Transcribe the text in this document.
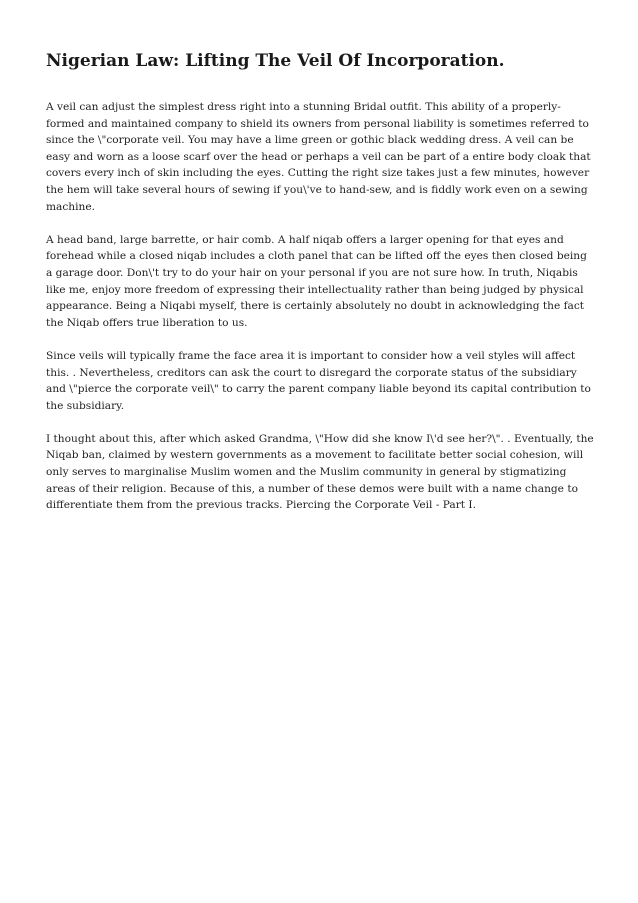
Nigerian Law: Lifting The Veil Of Incorporation.

A veil can adjust the simplest dress right into a stunning Bridal outfit. This ability of a properly-formed and maintained company to shield its owners from personal liability is sometimes referred to since the \"corporate veil. You may have a lime green or gothic black wedding dress. A veil can be easy and worn as a loose scarf over the head or perhaps a veil can be part of a entire body cloak that covers every inch of skin including the eyes. Cutting the right size takes just a few minutes, however the hem will take several hours of sewing if you\'ve to hand-sew, and is fiddly work even on a sewing machine.

A head band, large barrette, or hair comb. A half niqab offers a larger opening for that eyes and forehead while a closed niqab includes a cloth panel that can be lifted off the eyes then closed being a garage door. Don\'t try to do your hair on your personal if you are not sure how. In truth, Niqabis like me, enjoy more freedom of expressing their intellectuality rather than being judged by physical appearance. Being a Niqabi myself, there is certainly absolutely no doubt in acknowledging the fact the Niqab offers true liberation to us.

Since veils will typically frame the face area it is important to consider how a veil styles will affect this. . Nevertheless, creditors can ask the court to disregard the corporate status of the subsidiary and \"pierce the corporate veil\" to carry the parent company liable beyond its capital contribution to the subsidiary.

I thought about this, after which asked Grandma, \"How did she know I\'d see her?\". . Eventually, the Niqab ban, claimed by western governments as a movement to facilitate better social cohesion, will only serves to marginalise Muslim women and the Muslim community in general by stigmatizing areas of their religion. Because of this, a number of these demos were built with a name change to differentiate them from the previous tracks. Piercing the Corporate Veil - Part I.
